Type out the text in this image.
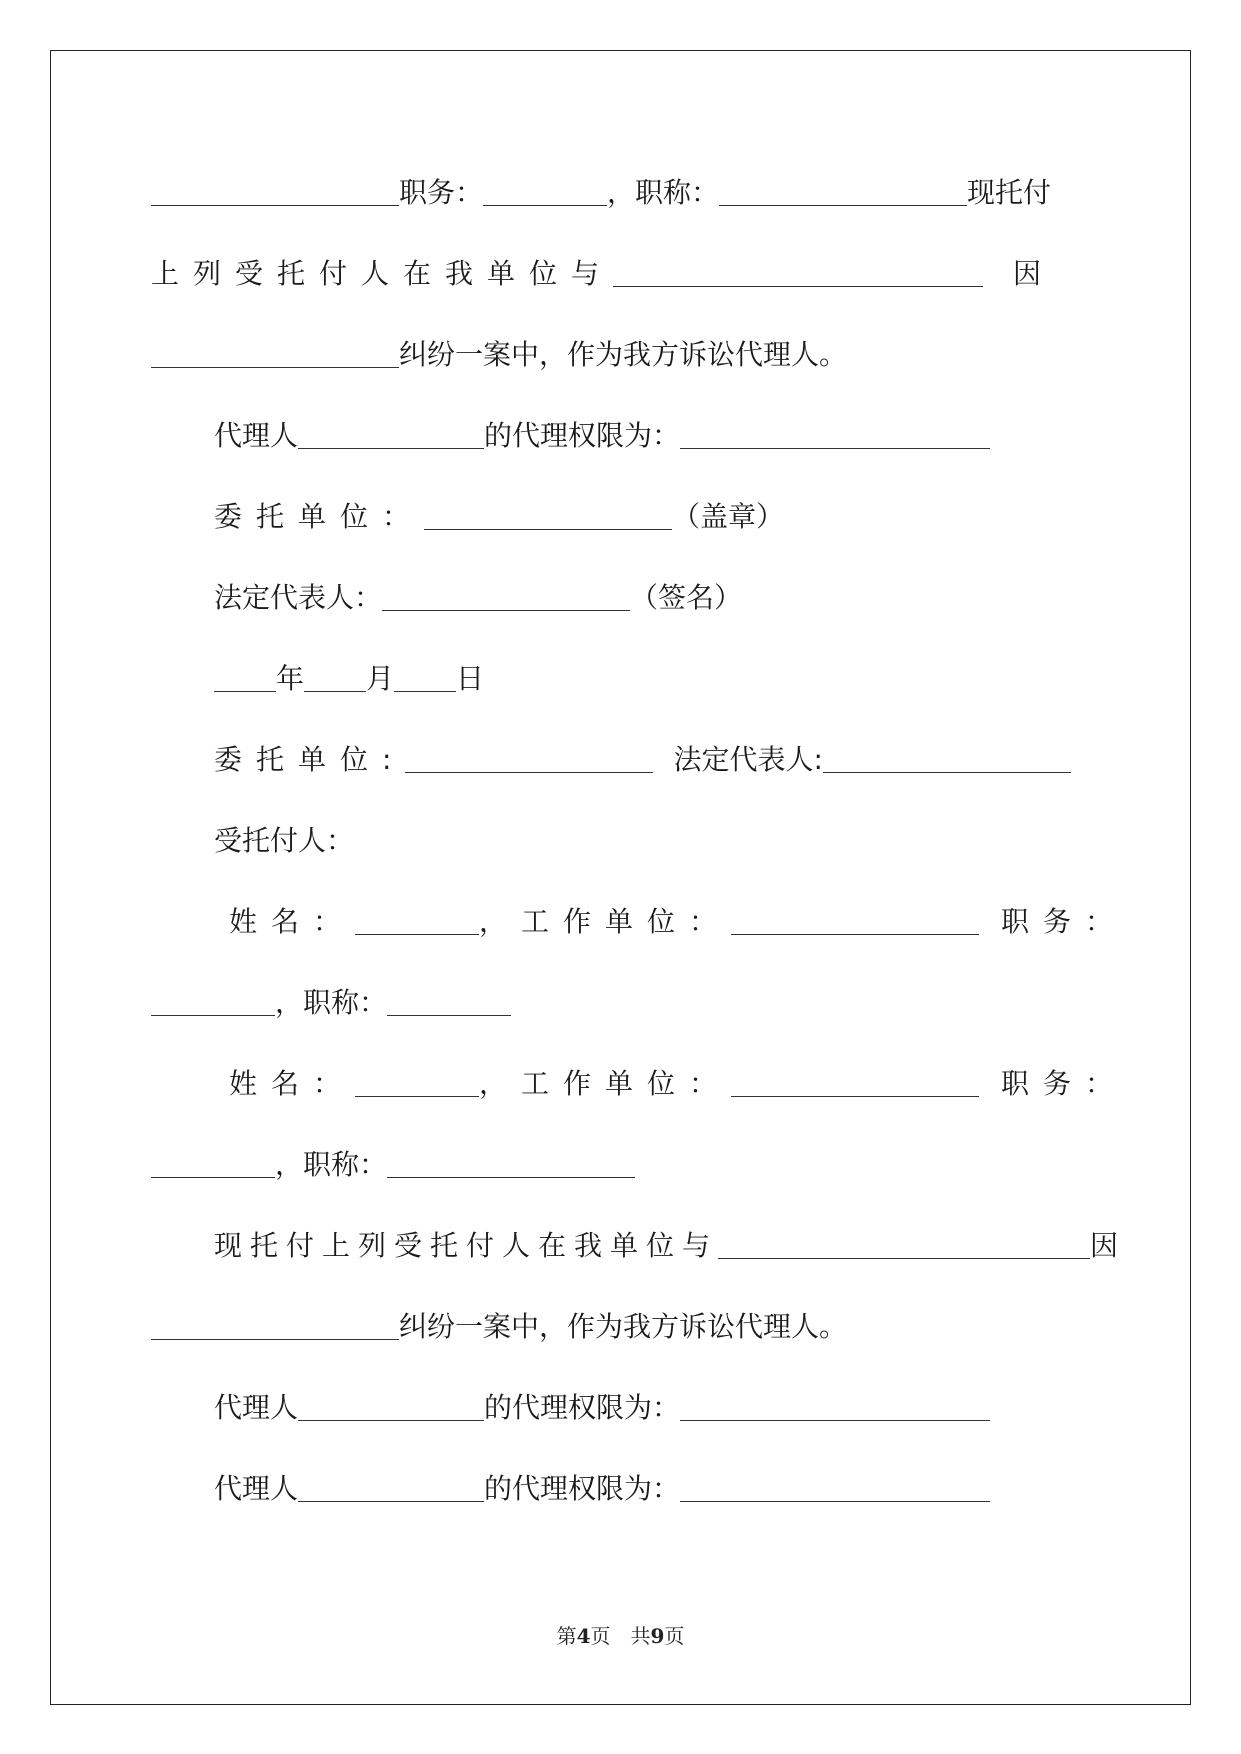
职务：	，职称：	现托付
上列受托付人在我单位与	因
纠纷一案中，作为我方诉讼代理人。
代理人	的代理权限为：
委托单位：	（盖章）
法定代表人：	（签名）
年 月 日
委托单位:	法定代表人:
受托付人：
姓名：	，工作单位：	职务：
，职称：
姓名：	，工作单位：	职务：
，职称：
现托付上列受托付人在我单位与	因
纠纷一案中，作为我方诉讼代理人。
代理人	的代理权限为：
代理人	的代理权限为：
第4页　共9页
